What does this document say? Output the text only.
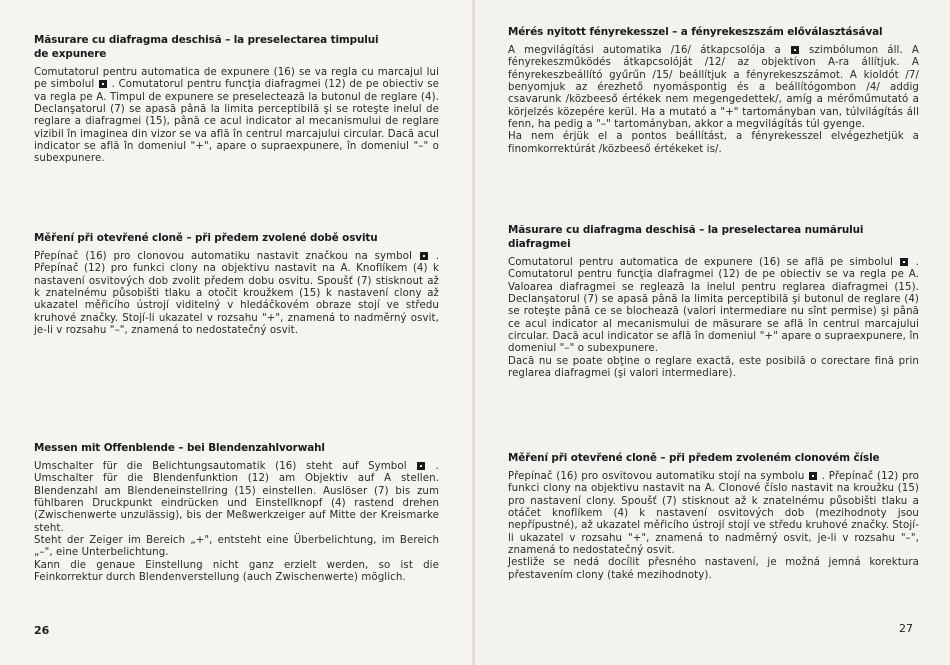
Măsurare cu diafragma deschisă – la preselectarea timpului
de expunere

Comutatorul pentru automatica de expunere (16) se va regla cu marcajul lui pe simbolul  . Comutatorul pentru funcţia diafragmei (12) de pe obiectiv se va regla pe A. Timpul de expunere se preselectează la butonul de reglare (4). Declanşatorul (7) se apasă până la limita perceptibilă şi se roteşte inelul de reglare a diafragmei (15), până ce acul indicator al mecanismului de reglare vizibil în imaginea din vizor se va află în centrul marcajului circular. Dacă acul indicator se află în domeniul "+", apare o supraexpunere, în domeniul "–" o subexpunere.

Měření při otevřené cloně – při předem zvolené době osvitu

Přepínač (16) pro clonovou automatiku nastavit značkou na symbol  . Přepínač (12) pro funkci clony na objektivu nastavit na A. Knoflíkem (4) k nastavení osvitových dob zvolit předem dobu osvitu. Spoušť (7) stisknout až k znatelnému působišti tlaku a otočit kroužkem (15) k nastavení clony až ukazatel měřicího ústrojí viditelný v hledáčkovém obraze stojí ve středu kruhové značky. Stojí-li ukazatel v rozsahu "+", znamená to nadměrný osvit, je-li v rozsahu "–", znamená to nedostatečný osvit.

Messen mit Offenblende – bei Blendenzahlvorwahl

Umschalter für die Belichtungsautomatik (16) steht auf Symbol  . Umschalter für die Blendenfunktion (12) am Objektiv auf A stellen. Blendenzahl am Blendeneinstellring (15) einstellen. Auslöser (7) bis zum fühlbaren Druckpunkt eindrücken und Einstellknopf (4) rastend drehen (Zwischenwerte unzulässig), bis der Meßwerkzeiger auf Mitte der Kreismarke steht.

Steht der Zeiger im Bereich „+", entsteht eine Überbelichtung, im Bereich „–", eine Unterbelichtung.

Kann die genaue Einstellung nicht ganz erzielt werden, so ist die Feinkorrektur durch Blendenverstellung (auch Zwischenwerte) möglich.

26
Mérés nyitott fényrekesszel – a fényrekeszszám előválasztásával

A megvilágítási automatika /16/ átkapcsolója a  szimbólumon áll. A fényrekeszműködés átkapcsolóját /12/ az objektívon A-ra állítjuk. A fényrekeszbeállító gyűrűn /15/ beállítjuk a fényrekeszszámot. A kioldót /7/ benyomjuk az érezhető nyomáspontig és a beállítógombon /4/ addig csavarunk /közbeeső értékek nem megengedettek/, amíg a mérőműmutató a körjelzés közepére kerül. Ha a mutató a "+" tartományban van, túlvilágítás áll fenn, ha pedig a "–" tartományban, akkor a megvilágítás túl gyenge.

Ha nem érjük el a pontos beállítást, a fényrekesszel elvégezhetjük a finomkorrektúrát /közbeeső értékeket is/.

Măsurare cu diafragma deschisă – la preselectarea numărului
diafragmei

Comutatorul pentru automatica de expunere (16) se află pe simbolul  . Comutatorul pentru funcţia diafragmei (12) de pe obiectiv se va regla pe A. Valoarea diafragmei se reglează la inelul pentru reglarea diafragmei (15). Declanşatorul (7) se apasă până la limita perceptibilă şi butonul de reglare (4) se roteşte până ce se blochează (valori intermediare nu sînt permise) şi până ce acul indicator al mecanismului de măsurare se află în centrul marcajului circular. Dacă acul indicator se află în domeniul "+" apare o supraexpunere, în domeniul "–" o subexpunere.

Dacă nu se poate obţine o reglare exactă, este posibilă o corectare fină prin reglarea diafragmei (şi valori intermediare).

Měření při otevřené cloně – při předem zvoleném clonovém čísle

Přepínač (16) pro osvitovou automatiku stojí na symbolu  . Přepínač (12) pro funkci clony na objektivu nastavit na A. Clonové číslo nastavit na kroužku (15) pro nastavení clony. Spoušť (7) stisknout až k znatelnému působišti tlaku a otáčet knoflíkem (4) k nastavení osvitových dob (mezihodnoty jsou nepřípustné), až ukazatel měřicího ústrojí stojí ve středu kruhové značky. Stojí-li ukazatel v rozsahu "+", znamená to nadměrný osvit, je-li v rozsahu "–", znamená to nedostatečný osvit.

Jestliže se nedá docílit přesného nastavení, je možná jemná korektura přestavením clony (také mezihodnoty).

27
